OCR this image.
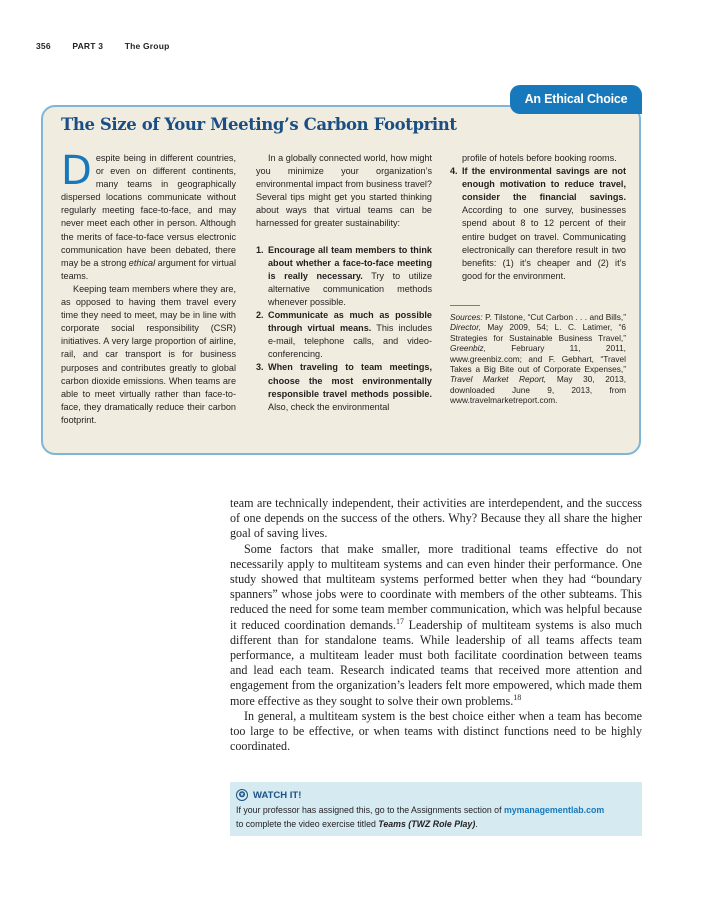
356	PART 3	The Group
An Ethical Choice
The Size of Your Meeting’s Carbon Footprint

Despite being in different countries, or even on different continents, many teams in geographically dispersed locations communicate without regularly meeting face-to-face, and may never meet each other in person. Although the merits of face-to-face versus electronic communication have been debated, there may be a strong ethical argument for virtual teams.

Keeping team members where they are, as opposed to having them travel every time they need to meet, may be in line with corporate social responsibility (CSR) initiatives. A very large proportion of airline, rail, and car transport is for business purposes and contributes greatly to global carbon dioxide emissions. When teams are able to meet virtually rather than face-to-face, they dramatically reduce their carbon footprint.

In a globally connected world, how might you minimize your organization’s environmental impact from business travel? Several tips might get you started thinking about ways that virtual teams can be harnessed for greater sustainability:

1. Encourage all team members to think about whether a face-to-face meeting is really necessary. Try to utilize alternative communication methods whenever possible.
2. Communicate as much as possible through virtual means. This includes e-mail, telephone calls, and video-conferencing.
3. When traveling to team meetings, choose the most environmentally responsible travel methods possible. Also, check the environmental

profile of hotels before booking rooms.

4. If the environmental savings are not enough motivation to reduce travel, consider the financial savings. According to one survey, businesses spend about 8 to 12 percent of their entire budget on travel. Communicating electronically can therefore result in two benefits: (1) it’s cheaper and (2) it’s good for the environment.

Sources: P. Tilstone, “Cut Carbon . . . and Bills,” Director, May 2009, 54; L. C. Latimer, “6 Strategies for Sustainable Business Travel,” Greenbiz, February 11, 2011, www.greenbiz.com; and F. Gebhart, “Travel Takes a Big Bite out of Corporate Expenses,” Travel Market Report, May 30, 2013, downloaded June 9, 2013, from www.travelmarketreport.com.

team are technically independent, their activities are interdependent, and the success of one depends on the success of the others. Why? Because they all share the higher goal of saving lives.

Some factors that make smaller, more traditional teams effective do not necessarily apply to multiteam systems and can even hinder their performance. One study showed that multiteam systems performed better when they had “boundary spanners” whose jobs were to coordinate with members of the other subteams. This reduced the need for some team member communication, which was helpful because it reduced coordination demands.$^{17}$ Leadership of multiteam systems is also much different than for standalone teams. While leadership of all teams affects team performance, a multiteam leader must both facilitate coordination between teams and lead each team. Research indicated teams that received more attention and engagement from the organization’s leaders felt more empowered, which made them more effective as they sought to solve their own problems.$^{18}$

In general, a multiteam system is the best choice either when a team has become too large to be effective, or when teams with distinct functions need to be highly coordinated.

✪ WATCH IT!
If your professor has assigned this, go to the Assignments section of mymanagementlab.com
to complete the video exercise titled Teams (TWZ Role Play).
